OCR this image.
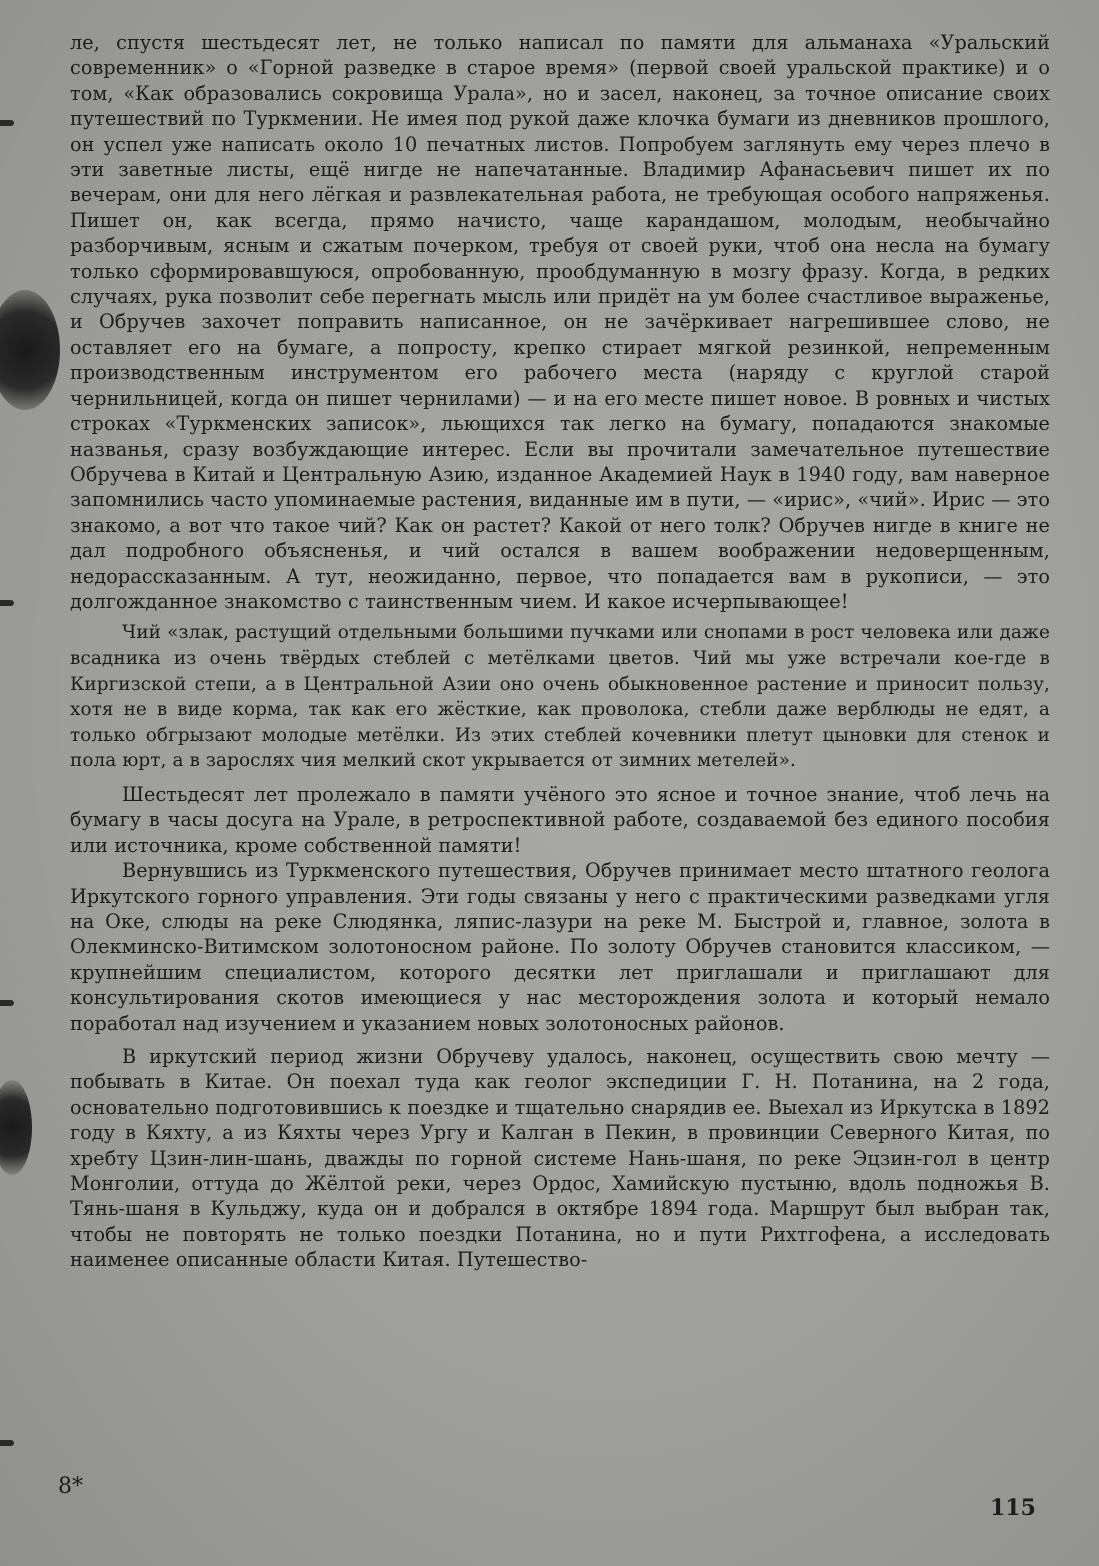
ле, спустя шестьдесят лет, не только написал по памяти для альманаха «Уральский современник» о «Горной разведке в старое время» (первой своей уральской практике) и о том, «Как образовались сокровища Урала», но и засел, наконец, за точное описание своих путешествий по Туркмении. Не имея под рукой даже клочка бумаги из дневников прошлого, он успел уже написать около 10 печатных листов. Попробуем заглянуть ему через плечо в эти заветные листы, ещё нигде не напечатанные. Владимир Афанасьевич пишет их по вечерам, они для него лёгкая и развлекательная работа, не требующая особого напряженья. Пишет он, как всегда, прямо начисто, чаще карандашом, молодым, необычайно разборчивым, ясным и сжатым почерком, требуя от своей руки, чтоб она несла на бумагу только сформировавшуюся, опробованную, прообдуманную в мозгу фразу. Когда, в редких случаях, рука позволит себе перегнать мысль или придёт на ум более счастливое выраженье, и Обручев захочет поправить написанное, он не зачёркивает нагрешившее слово, не оставляет его на бумаге, а попросту, крепко стирает мягкой резинкой, непременным производственным инструментом его рабочего места (наряду с круглой старой чернильницей, когда он пишет чернилами) — и на его месте пишет новое. В ровных и чистых строках «Туркменских записок», льющихся так легко на бумагу, попадаются знакомые названья, сразу возбуждающие интерес. Если вы прочитали замечательное путешествие Обручева в Китай и Центральную Азию, изданное Академией Наук в 1940 году, вам наверное запомнились часто упоминаемые растения, виданные им в пути, — «ирис», «чий». Ирис — это знакомо, а вот что такое чий? Как он растет? Какой от него толк? Обручев нигде в книге не дал подробного объясненья, и чий остался в вашем воображении недоверщенным, недорассказанным. А тут, неожиданно, первое, что попадается вам в рукописи, — это долгожданное знакомство с таинственным чием. И какое исчерпывающее!

Чий «злак, растущий отдельными большими пучками или снопами в рост человека или даже всадника из очень твёрдых стеблей с метёлками цветов. Чий мы уже встречали кое-где в Киргизской степи, а в Центральной Азии оно очень обыкновенное растение и приносит пользу, хотя не в виде корма, так как его жёсткие, как проволока, стебли даже верблюды не едят, а только обгрызают молодые метёлки. Из этих стеблей кочевники плетут цыновки для стенок и пола юрт, а в зарослях чия мелкий скот укрывается от зимних метелей».

Шестьдесят лет пролежало в памяти учёного это ясное и точное знание, чтоб лечь на бумагу в часы досуга на Урале, в ретроспективной работе, создаваемой без единого пособия или источника, кроме собственной памяти!

Вернувшись из Туркменского путешествия, Обручев принимает место штатного геолога Иркутского горного управления. Эти годы связаны у него с практическими разведками угля на Оке, слюды на реке Слюдянка, ляпис-лазури на реке М. Быстрой и, главное, золота в Олекминско-Витимском золотоносном районе. По золоту Обручев становится классиком, — крупнейшим специалистом, которого десятки лет приглашали и приглашают для консультирования скотов имеющиеся у нас месторождения золота и который немало поработал над изучением и указанием новых золотоносных районов.

В иркутский период жизни Обручеву удалось, наконец, осуществить свою мечту — побывать в Китае. Он поехал туда как геолог экспедиции Г. Н. Потанина, на 2 года, основательно подготовившись к поездке и тщательно снарядив ее. Выехал из Иркутска в 1892 году в Кяхту, а из Кяхты через Ургу и Калган в Пекин, в провинции Северного Китая, по хребту Цзин-лин-шань, дважды по горной системе Нань-шаня, по реке Эцзин-гол в центр Монголии, оттуда до Жёлтой реки, через Ордос, Хамийскую пустыню, вдоль подножья В. Тянь-шаня в Кульджу, куда он и добрался в октябре 1894 года. Маршрут был выбран так, чтобы не повторять не только поездки Потанина, но и пути Рихтгофена, а исследовать наименее описанные области Китая. Путешество-

8*
115
